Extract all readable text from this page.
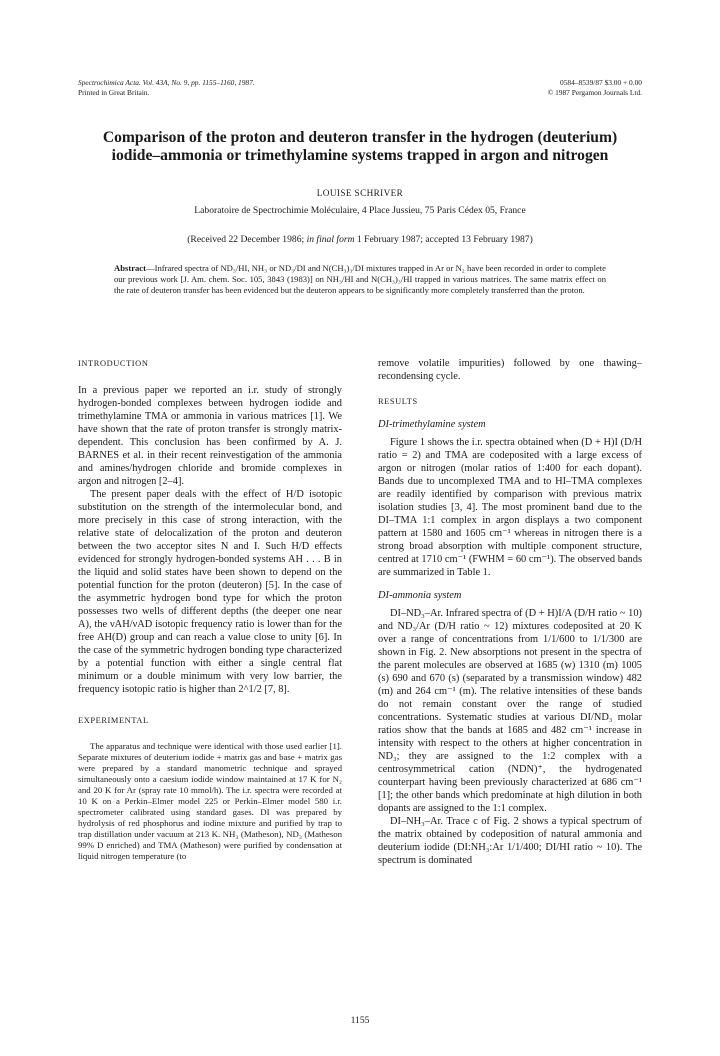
Spectrochimica Acta. Vol. 43A, No. 9, pp. 1155–1160, 1987.
Printed in Great Britain.
0584–8539/87 $3.00 + 0.00
© 1987 Pergamon Journals Ltd.
Comparison of the proton and deuteron transfer in the hydrogen (deuterium) iodide–ammonia or trimethylamine systems trapped in argon and nitrogen
LOUISE SCHRIVER
Laboratoire de Spectrochimie Moléculaire, 4 Place Jussieu, 75 Paris Cédex 05, France
(Received 22 December 1986; in final form 1 February 1987; accepted 13 February 1987)
Abstract—Infrared spectra of ND₃/HI, NH₃ or ND₃/DI and N(CH₃)₃/DI mixtures trapped in Ar or N₂ have been recorded in order to complete our previous work [J. Am. chem. Soc. 105, 3843 (1983)] on NH₃/HI and N(CH₃)₃/HI trapped in various matrices. The same matrix effect on the rate of deuteron transfer has been evidenced but the deuteron appears to be significantly more completely transferred than the proton.

INTRODUCTION

In a previous paper we reported an i.r. study of strongly hydrogen-bonded complexes between hydrogen iodide and trimethylamine TMA or ammonia in various matrices [1]. We have shown that the rate of proton transfer is strongly matrix-dependent. This conclusion has been confirmed by A. J. BARNES et al. in their recent reinvestigation of the ammonia and amines/hydrogen chloride and bromide complexes in argon and nitrogen [2–4].

The present paper deals with the effect of H/D isotopic substitution on the strength of the intermolecular bond, and more precisely in this case of strong interaction, with the relative state of delocalization of the proton and deuteron between the two acceptor sites N and I. Such H/D effects evidenced for strongly hydrogen-bonded systems AH . . . B in the liquid and solid states have been shown to depend on the potential function for the proton (deuteron) [5]. In the case of the asymmetric hydrogen bond type for which the proton possesses two wells of different depths (the deeper one near A), the νAH/νAD isotopic frequency ratio is lower than for the free AH(D) group and can reach a value close to unity [6]. In the case of the symmetric hydrogen bonding type characterized by a potential function with either a single central flat minimum or a double minimum with very low barrier, the frequency isotopic ratio is higher than 2^1/2 [7, 8].

EXPERIMENTAL

The apparatus and technique were identical with those used earlier [1]. Separate mixtures of deuterium iodide + matrix gas and base + matrix gas were prepared by a standard manometric technique and sprayed simultaneously onto a caesium iodide window maintained at 17 K for N₂ and 20 K for Ar (spray rate 10 mmol/h). The i.r. spectra were recorded at 10 K on a Perkin–Elmer model 225 or Perkin–Elmer model 580 i.r. spectrometer calibrated using standard gases. DI was prepared by hydrolysis of red phosphorus and iodine mixture and purified by trap to trap distillation under vacuum at 213 K. NH₃ (Matheson), ND₃ (Matheson 99% D enriched) and TMA (Matheson) were purified by condensation at liquid nitrogen temperature (to

remove volatile impurities) followed by one thawing–recondensing cycle.

RESULTS

DI-trimethylamine system

Figure 1 shows the i.r. spectra obtained when (D + H)I (D/H ratio = 2) and TMA are codeposited with a large excess of argon or nitrogen (molar ratios of 1:400 for each dopant). Bands due to uncomplexed TMA and to HI–TMA complexes are readily identified by comparison with previous matrix isolation studies [3, 4]. The most prominent band due to the DI–TMA 1:1 complex in argon displays a two component pattern at 1580 and 1605 cm⁻¹ whereas in nitrogen there is a strong broad absorption with multiple component structure, centred at 1710 cm⁻¹ (FWHM = 60 cm⁻¹). The observed bands are summarized in Table 1.

DI-ammonia system

DI–ND₃–Ar. Infrared spectra of (D + H)I/A (D/H ratio ~ 10) and ND₃/Ar (D/H ratio ~ 12) mixtures codeposited at 20 K over a range of concentrations from 1/1/600 to 1/1/300 are shown in Fig. 2. New absorptions not present in the spectra of the parent molecules are observed at 1685 (w) 1310 (m) 1005 (s) 690 and 670 (s) (separated by a transmission window) 482 (m) and 264 cm⁻¹ (m). The relative intensities of these bands do not remain constant over the range of studied concentrations. Systematic studies at various DI/ND₃ molar ratios show that the bands at 1685 and 482 cm⁻¹ increase in intensity with respect to the others at higher concentration in ND₃; they are assigned to the 1:2 complex with a centrosymmetrical cation (NDN)⁺, the hydrogenated counterpart having been previously characterized at 686 cm⁻¹ [1]; the other bands which predominate at high dilution in both dopants are assigned to the 1:1 complex.

DI–NH₃–Ar. Trace c of Fig. 2 shows a typical spectrum of the matrix obtained by codeposition of natural ammonia and deuterium iodide (DI:NH₃:Ar 1/1/400; DI/HI ratio ~ 10). The spectrum is dominated

1155
